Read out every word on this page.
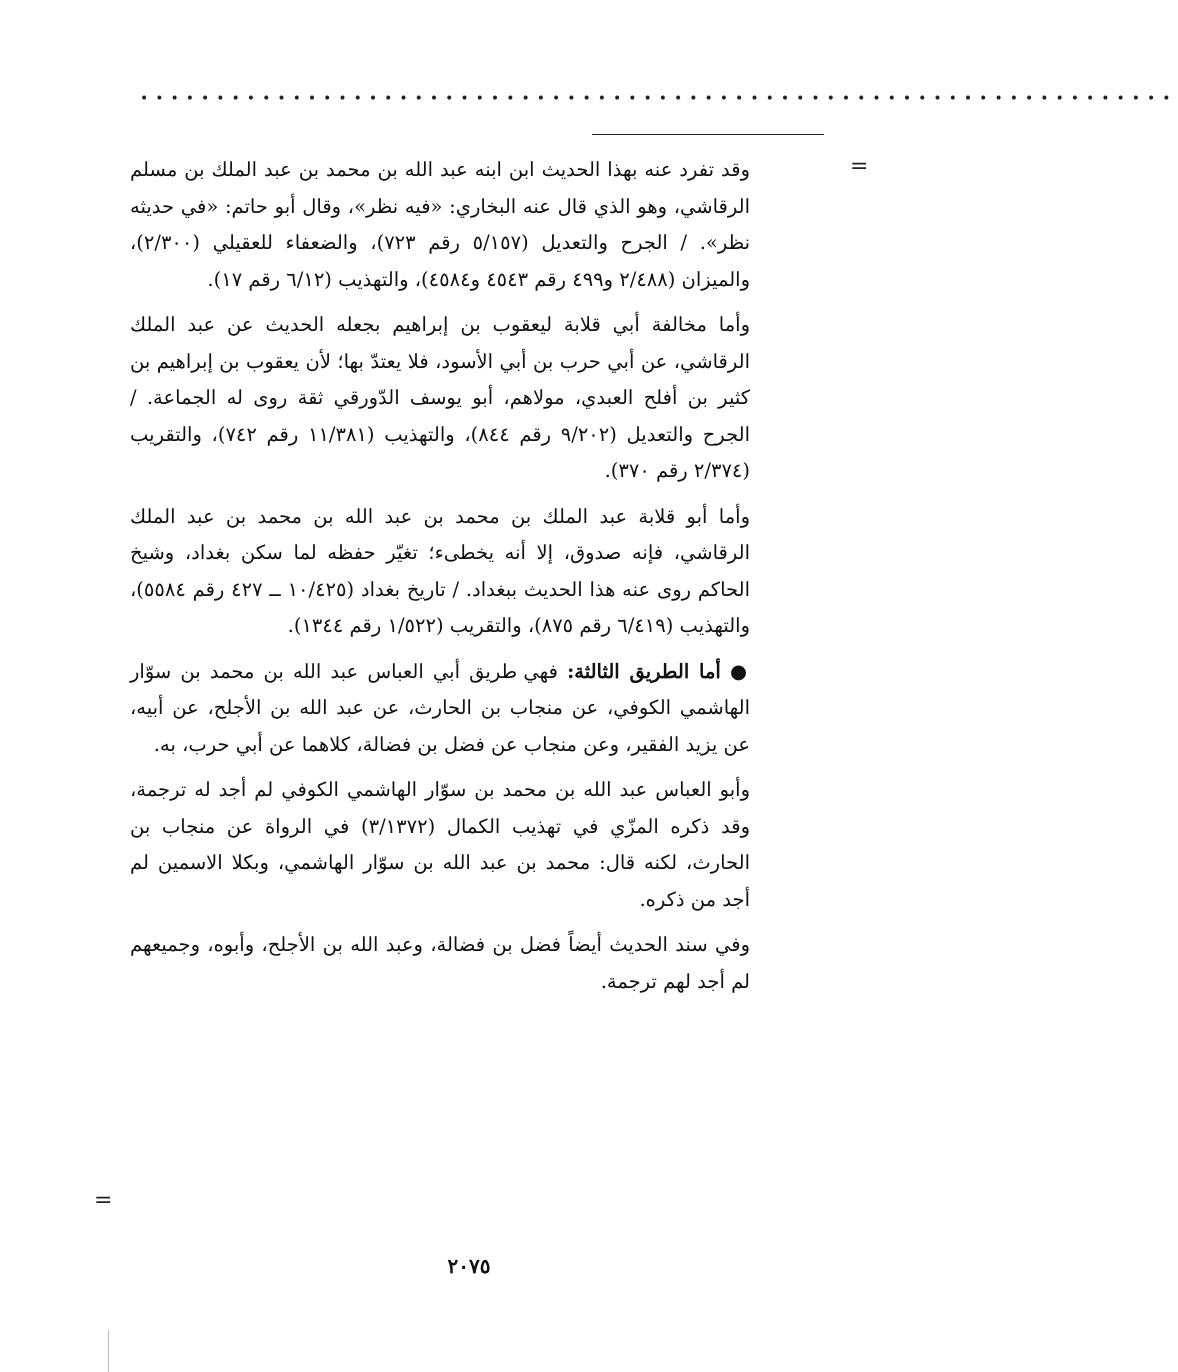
••••••••••••••••••••••••••••••••••••••••••••••••••••••••••••••••••••
=

وقد تفرد عنه بهذا الحديث ابن ابنه عبد الله بن محمد بن عبد الملك بن مسلم الرقاشي، وهو الذي قال عنه البخاري: «فيه نظر»، وقال أبو حاتم: «في حديثه نظر». / الجرح والتعديل (٥/١٥٧ رقم ٧٢٣)، والضعفاء للعقيلي (٢/٣٠٠)، والميزان (٢/٤٨٨ و٤٩٩ رقم ٤٥٤٣ و٤٥٨٤)، والتهذيب (٦/١٢ رقم ١٧).

وأما مخالفة أبي قلابة ليعقوب بن إبراهيم بجعله الحديث عن عبد الملك الرقاشي، عن أبي حرب بن أبي الأسود، فلا يعتدّ بها؛ لأن يعقوب بن إبراهيم بن كثير بن أفلح العبدي، مولاهم، أبو يوسف الدّورقي ثقة روى له الجماعة. / الجرح والتعديل (٩/٢٠٢ رقم ٨٤٤)، والتهذيب (١١/٣٨١ رقم ٧٤٢)، والتقريب (٢/٣٧٤ رقم ٣٧٠).

وأما أبو قلابة عبد الملك بن محمد بن عبد الله بن محمد بن عبد الملك الرقاشي، فإنه صدوق، إلا أنه يخطىء؛ تغيّر حفظه لما سكن بغداد، وشيخ الحاكم روى عنه هذا الحديث ببغداد. / تاريخ بغداد (١٠/٤٢٥ ــ ٤٢٧ رقم ٥٥٨٤)، والتهذيب (٦/٤١٩ رقم ٨٧٥)، والتقريب (١/٥٢٢ رقم ١٣٤٤).

● أما الطريق الثالثة: فهي طريق أبي العباس عبد الله بن محمد بن سوّار الهاشمي الكوفي، عن منجاب بن الحارث، عن عبد الله بن الأجلح، عن أبيه، عن يزيد الفقير، وعن منجاب عن فضل بن فضالة، كلاهما عن أبي حرب، به.

وأبو العباس عبد الله بن محمد بن سوّار الهاشمي الكوفي لم أجد له ترجمة، وقد ذكره المزّي في تهذيب الكمال (٣/١٣٧٢) في الرواة عن منجاب بن الحارث، لكنه قال: محمد بن عبد الله بن سوّار الهاشمي، وبكلا الاسمين لم أجد من ذكره.

وفي سند الحديث أيضاً فضل بن فضالة، وعبد الله بن الأجلح، وأبوه، وجميعهم لم أجد لهم ترجمة.

=
٢٠٧٥
